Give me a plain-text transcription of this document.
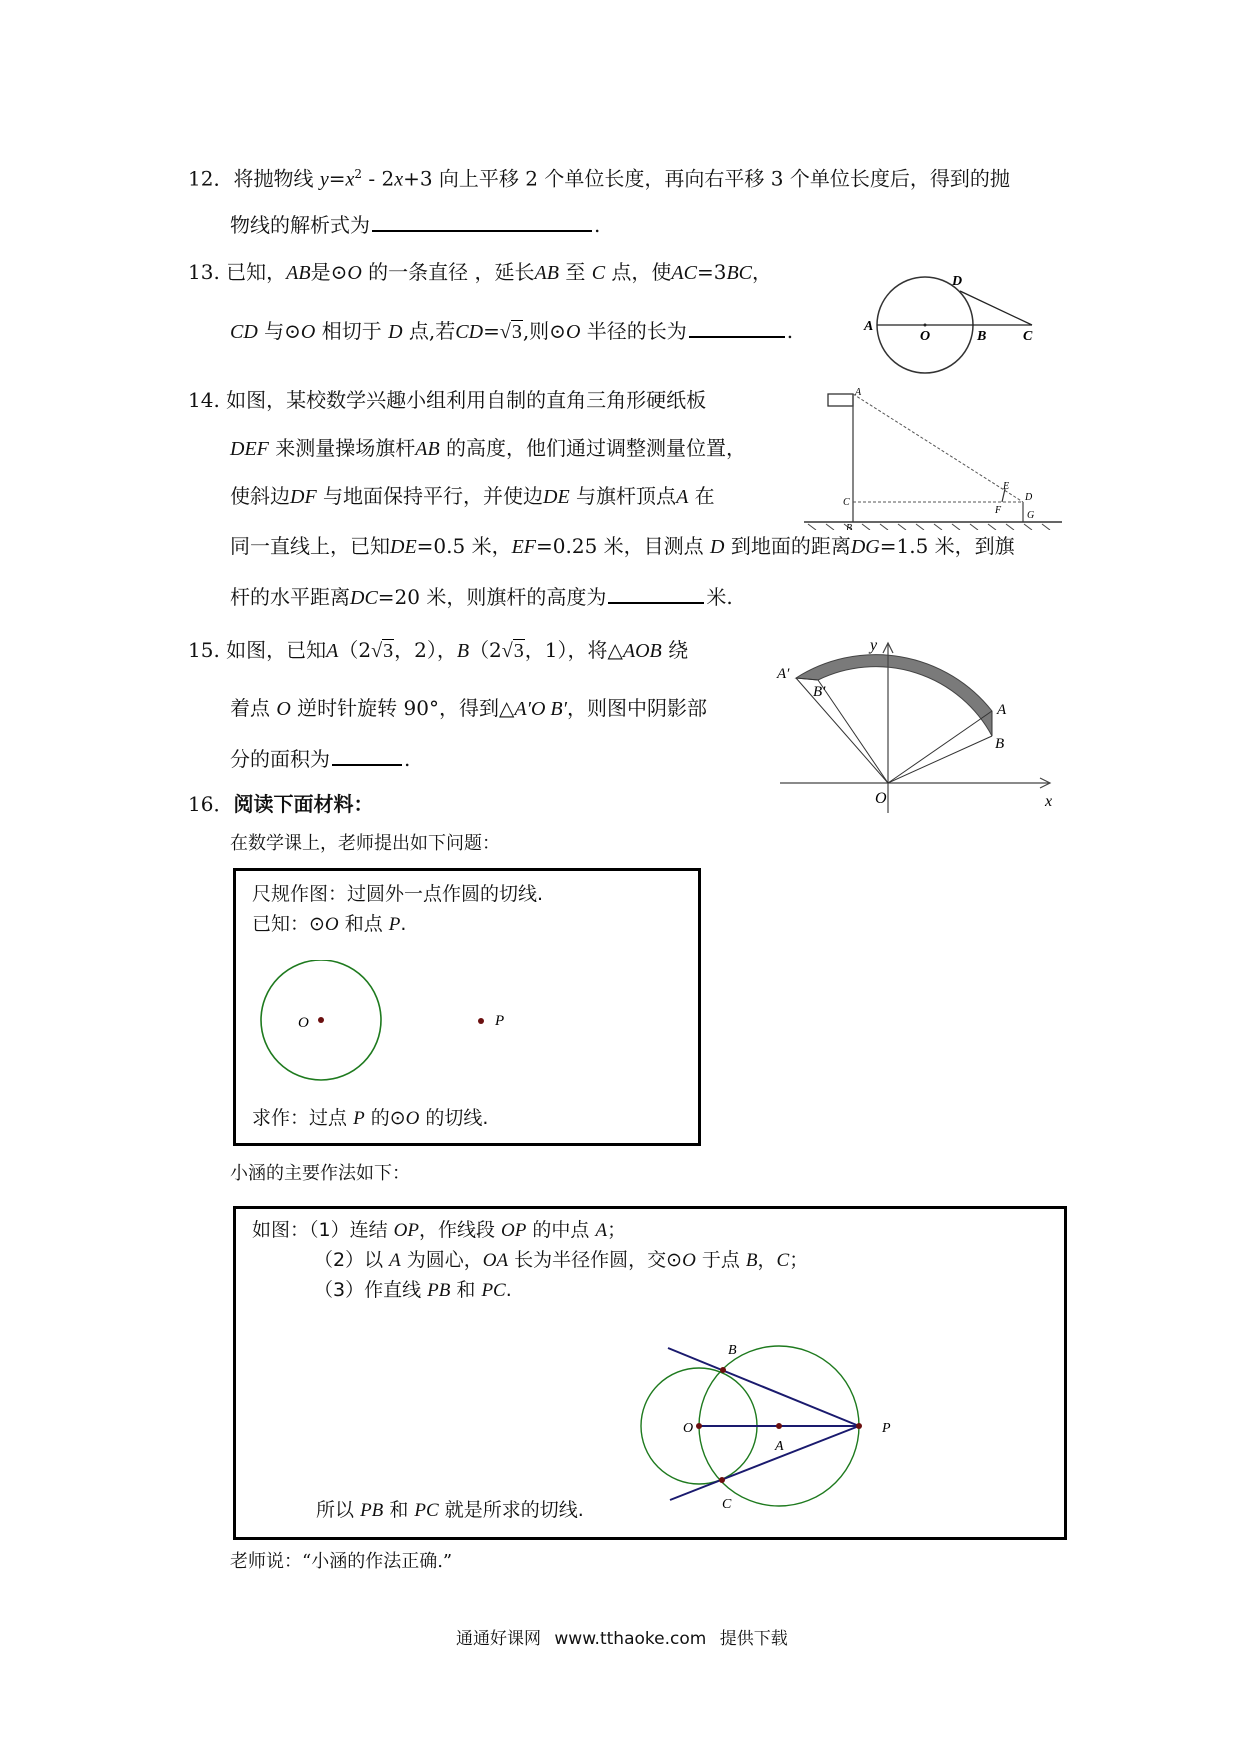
12．将抛物线 $y=x^2 - 2x+3$ 向上平移 2 个单位长度，再向右平移 3 个单位长度后，得到的抛
物线的解析式为	.
13. 已知，AB是⊙O 的一条直径 ，延长AB 至 C 点，使AC=3BC，
CD 与⊙O 相切于 D 点,若CD=√3,则⊙O 半径的长为	.	A
O	B	C
D
14. 如图，某校数学兴趣小组利用自制的直角三角形硬纸板
DEF 来测量操场旗杆AB 的高度，他们通过调整测量位置，
使斜边DF 与地面保持平行，并使边DE 与旗杆顶点A 在
同一直线上，已知DE=0.5 米，EF=0.25 米，目测点 D 到地面的距离DG=1.5 米，到旗
杆的水平距离DC=20 米，则旗杆的高度为	米.
A
B
C	D
E
F	G
15. 如图，已知A（2√3，2），B（2√3，1），将△AOB 绕
着点 O 逆时针旋转 90°，得到△A′O B′，则图中阴影部
分的面积为	.
y
x
O
A
B
A′
B′
16．阅读下面材料：
在数学课上，老师提出如下问题：
尺规作图：过圆外一点作圆的切线.
已知：⊙O 和点 P.
O	P
求作：过点 P 的⊙O 的切线.
小涵的主要作法如下：
如图：（1）连结 OP，作线段 OP 的中点 A；
（2）以 A 为圆心，OA 长为半径作圆，交⊙O 于点 B，C；
（3）作直线 PB 和 PC.
O
A
P
B
C
所以 PB 和 PC 就是所求的切线.
老师说：“小涵的作法正确.”
通通好课网 www.tthaoke.com 提供下载
